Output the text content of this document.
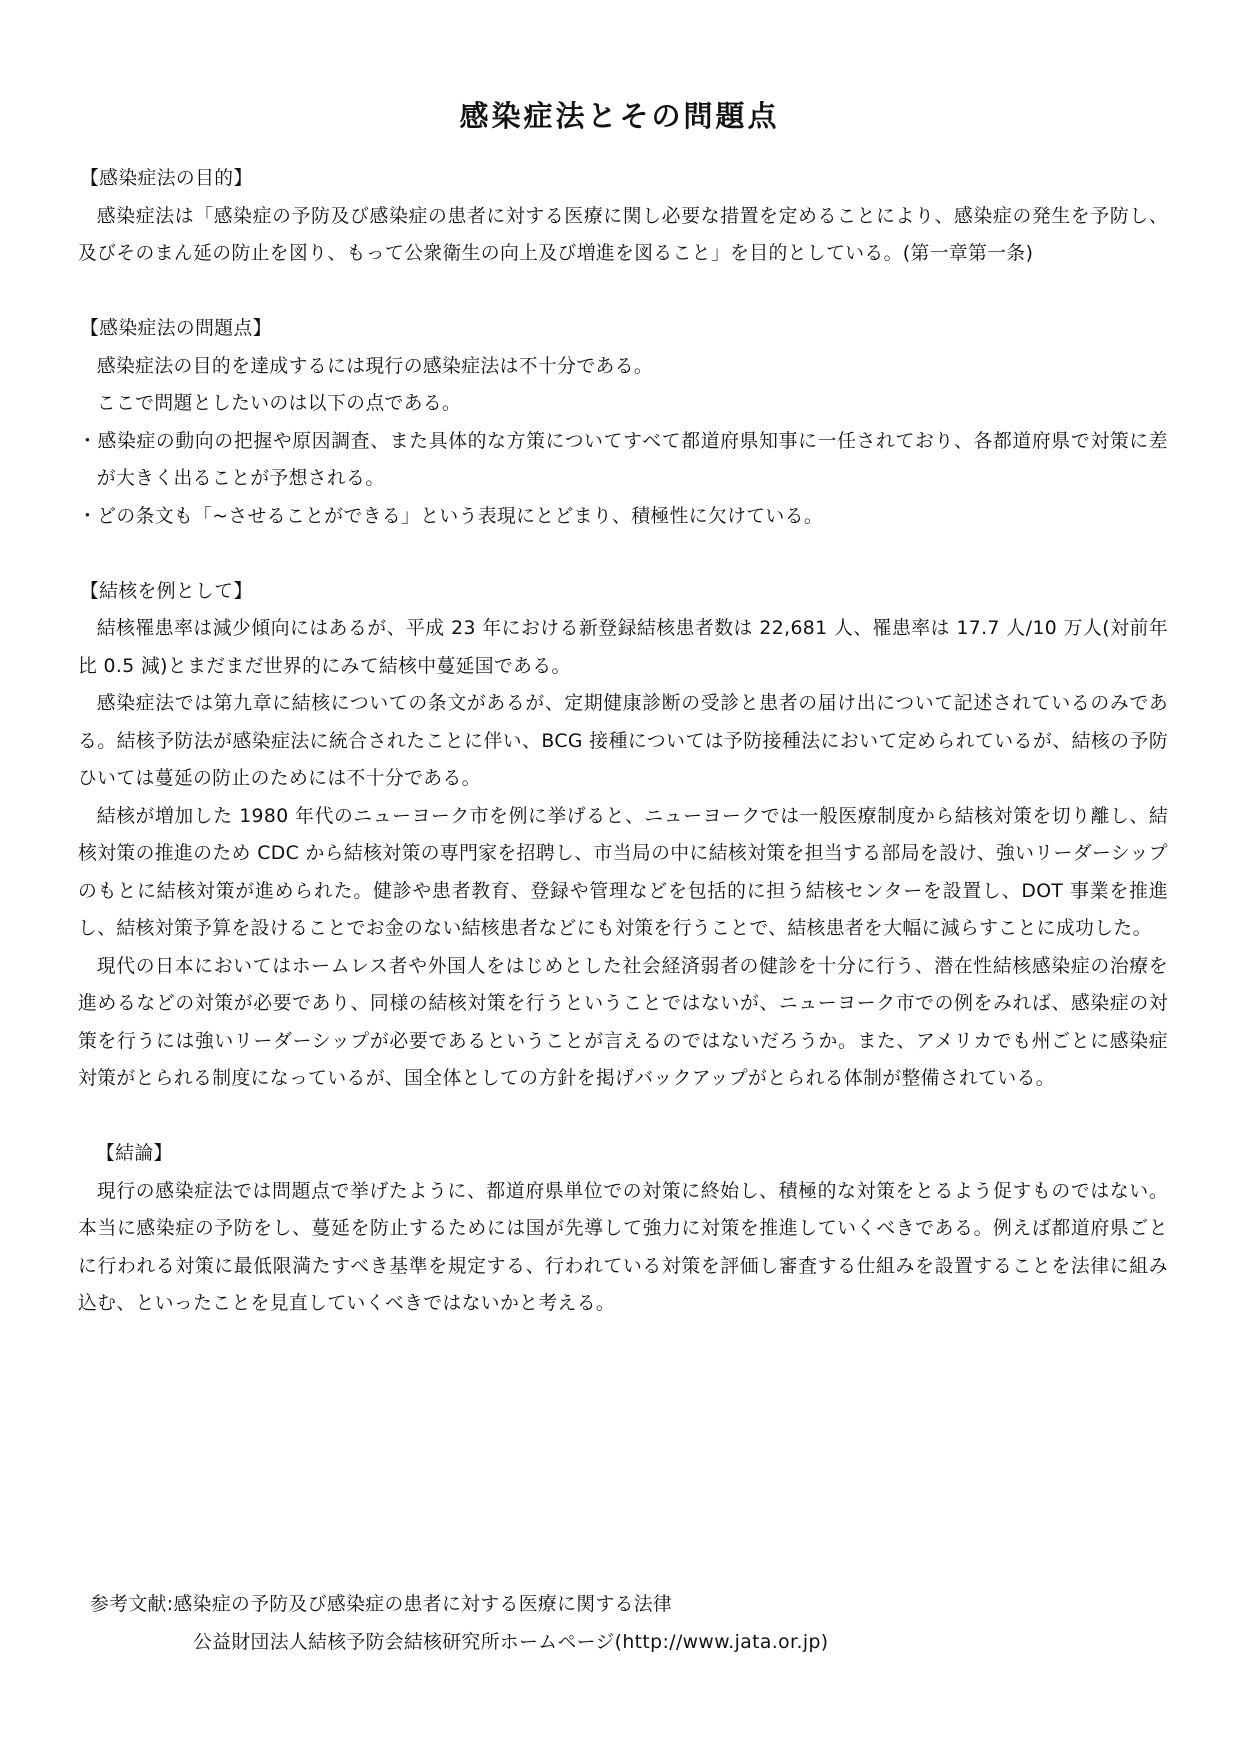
感染症法とその問題点

【感染症法の目的】

感染症法は「感染症の予防及び感染症の患者に対する医療に関し必要な措置を定めることにより、感染症の発生を予防し、及びそのまん延の防止を図り、もって公衆衛生の向上及び増進を図ること」を目的としている。(第一章第一条)

【感染症法の問題点】

感染症法の目的を達成するには現行の感染症法は不十分である。

ここで問題としたいのは以下の点である。

・感染症の動向の把握や原因調査、また具体的な方策についてすべて都道府県知事に一任されており、各都道府県で対策に差が大きく出ることが予想される。

・どの条文も「~させることができる」という表現にとどまり、積極性に欠けている。

【結核を例として】

結核罹患率は減少傾向にはあるが、平成 23 年における新登録結核患者数は 22,681 人、罹患率は 17.7 人/10 万人(対前年比 0.5 減)とまだまだ世界的にみて結核中蔓延国である。

感染症法では第九章に結核についての条文があるが、定期健康診断の受診と患者の届け出について記述されているのみである。結核予防法が感染症法に統合されたことに伴い、BCG 接種については予防接種法において定められているが、結核の予防ひいては蔓延の防止のためには不十分である。

結核が増加した 1980 年代のニューヨーク市を例に挙げると、ニューヨークでは一般医療制度から結核対策を切り離し、結核対策の推進のため CDC から結核対策の専門家を招聘し、市当局の中に結核対策を担当する部局を設け、強いリーダーシップのもとに結核対策が進められた。健診や患者教育、登録や管理などを包括的に担う結核センターを設置し、DOT 事業を推進し、結核対策予算を設けることでお金のない結核患者などにも対策を行うことで、結核患者を大幅に減らすことに成功した。

現代の日本においてはホームレス者や外国人をはじめとした社会経済弱者の健診を十分に行う、潜在性結核感染症の治療を進めるなどの対策が必要であり、同様の結核対策を行うということではないが、ニューヨーク市での例をみれば、感染症の対策を行うには強いリーダーシップが必要であるということが言えるのではないだろうか。また、アメリカでも州ごとに感染症対策がとられる制度になっているが、国全体としての方針を掲げバックアップがとられる体制が整備されている。

【結論】

現行の感染症法では問題点で挙げたように、都道府県単位での対策に終始し、積極的な対策をとるよう促すものではない。本当に感染症の予防をし、蔓延を防止するためには国が先導して強力に対策を推進していくべきである。例えば都道府県ごとに行われる対策に最低限満たすべき基準を規定する、行われている対策を評価し審査する仕組みを設置することを法律に組み込む、といったことを見直していくべきではないかと考える。

参考文献:感染症の予防及び感染症の患者に対する医療に関する法律
公益財団法人結核予防会結核研究所ホームページ(http://www.jata.or.jp)
